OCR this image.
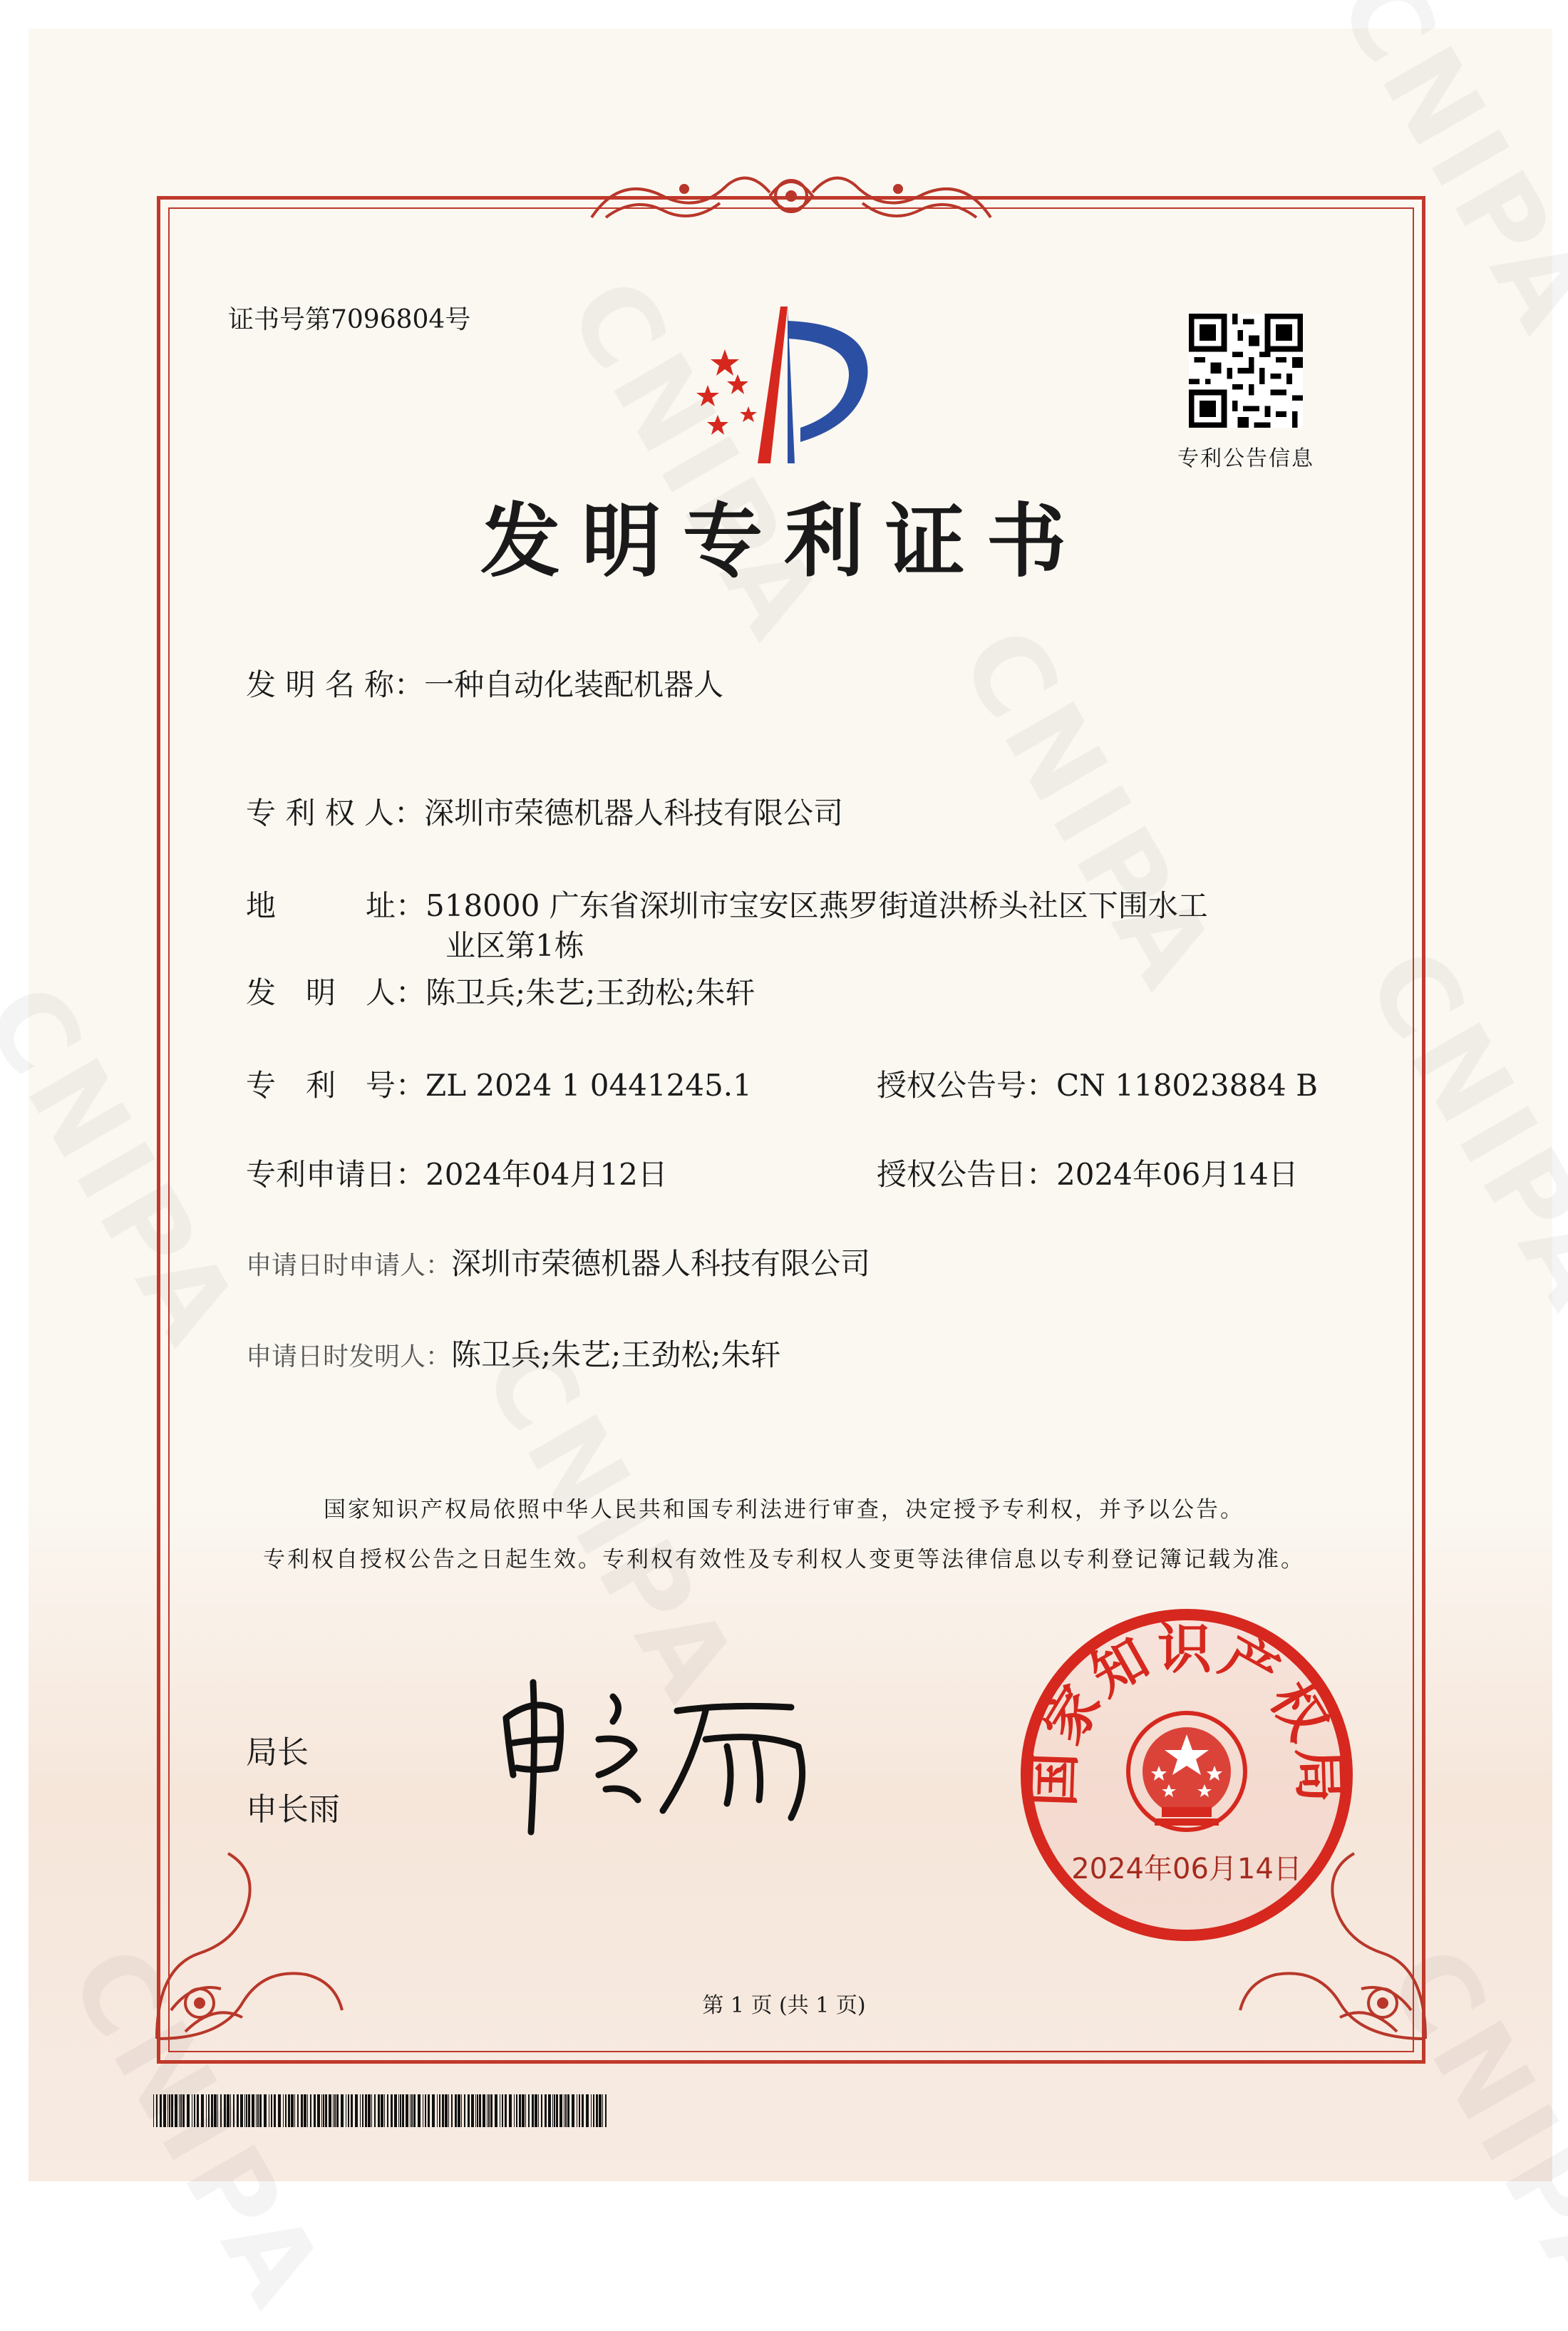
证书号第7096804号
专利公告信息
发明专利证书
发 明 名 称：一种自动化装配机器人
专 利 权 人：深圳市荣德机器人科技有限公司
地　　　址：518000 广东省深圳市宝安区燕罗街道洪桥头社区下围水工
业区第1栋
发　明　人：陈卫兵;朱艺;王劲松;朱轩
专　利　号：ZL 2024 1 0441245.1	授权公告号：CN 118023884 B
专利申请日：2024年04月12日	授权公告日：2024年06月14日
申请日时申请人：深圳市荣德机器人科技有限公司
申请日时发明人：陈卫兵;朱艺;王劲松;朱轩
国家知识产权局依照中华人民共和国专利法进行审查，决定授予专利权，并予以公告。
专利权自授权公告之日起生效。专利权有效性及专利权人变更等法律信息以专利登记簿记载为准。
局长
申长雨
国家知识产权局
2024年06月14日
第 1 页 (共 1 页)
